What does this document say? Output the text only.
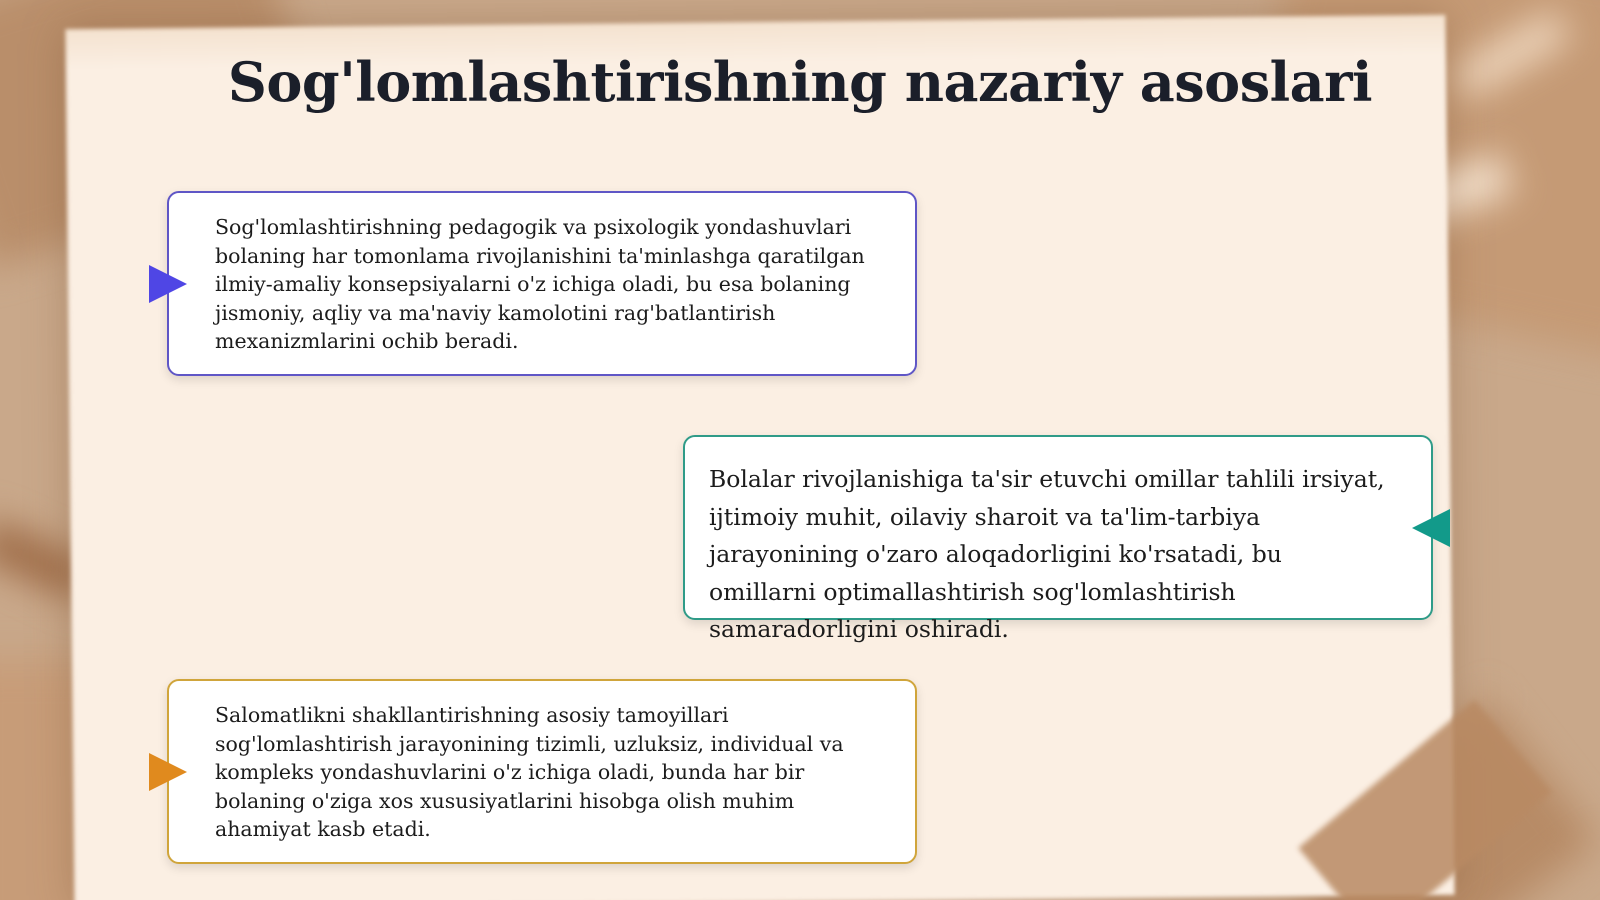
Sog'lomlashtirishning nazariy asoslari

Sog'lomlashtirishning pedagogik va psixologik yondashuvlari bolaning har tomonlama rivojlanishini ta'minlashga qaratilgan ilmiy-amaliy konsepsiyalarni o'z ichiga oladi, bu esa bolaning jismoniy, aqliy va ma'naviy kamolotini rag'batlantirish mexanizmlarini ochib beradi.

Bolalar rivojlanishiga ta'sir etuvchi omillar tahlili irsiyat, ijtimoiy muhit, oilaviy sharoit va ta'lim-tarbiya jarayonining o'zaro aloqadorligini ko'rsatadi, bu omillarni optimallashtirish sog'lomlashtirish samaradorligini oshiradi.

Salomatlikni shakllantirishning asosiy tamoyillari sog'lomlashtirish jarayonining tizimli, uzluksiz, individual va kompleks yondashuvlarini o'z ichiga oladi, bunda har bir bolaning o'ziga xos xususiyatlarini hisobga olish muhim ahamiyat kasb etadi.
